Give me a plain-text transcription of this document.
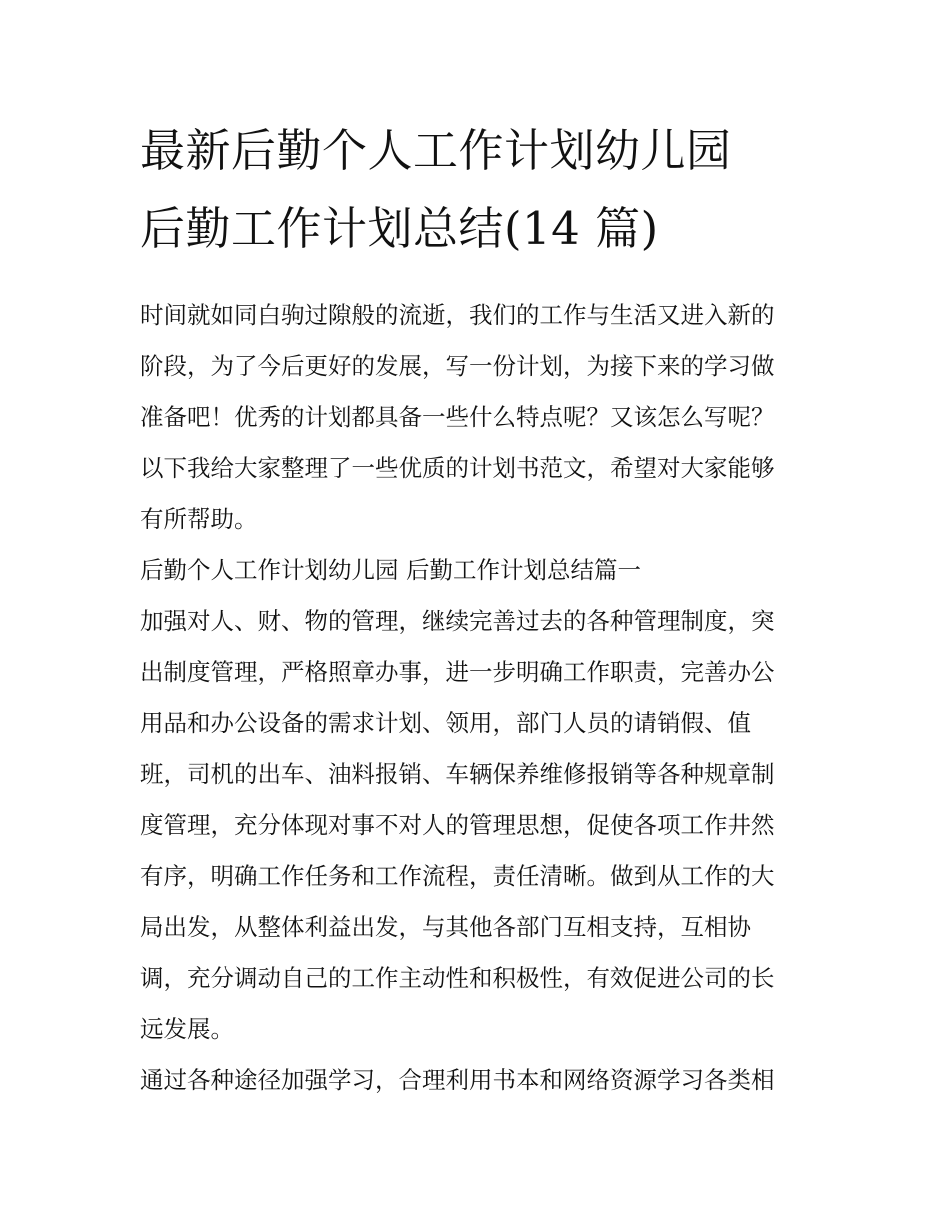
最新后勤个人工作计划幼儿园
后勤工作计划总结(14 篇)
时间就如同白驹过隙般的流逝，我们的工作与生活又进入新的
阶段，为了今后更好的发展，写一份计划，为接下来的学习做
准备吧！优秀的计划都具备一些什么特点呢？又该怎么写呢？
以下我给大家整理了一些优质的计划书范文，希望对大家能够
有所帮助。
后勤个人工作计划幼儿园 后勤工作计划总结篇一
加强对人、财、物的管理，继续完善过去的各种管理制度，突
出制度管理，严格照章办事，进一步明确工作职责，完善办公
用品和办公设备的需求计划、领用，部门人员的请销假、值
班，司机的出车、油料报销、车辆保养维修报销等各种规章制
度管理，充分体现对事不对人的管理思想，促使各项工作井然
有序，明确工作任务和工作流程，责任清晰。做到从工作的大
局出发，从整体利益出发，与其他各部门互相支持，互相协
调，充分调动自己的工作主动性和积极性，有效促进公司的长
远发展。
通过各种途径加强学习，合理利用书本和网络资源学习各类相
